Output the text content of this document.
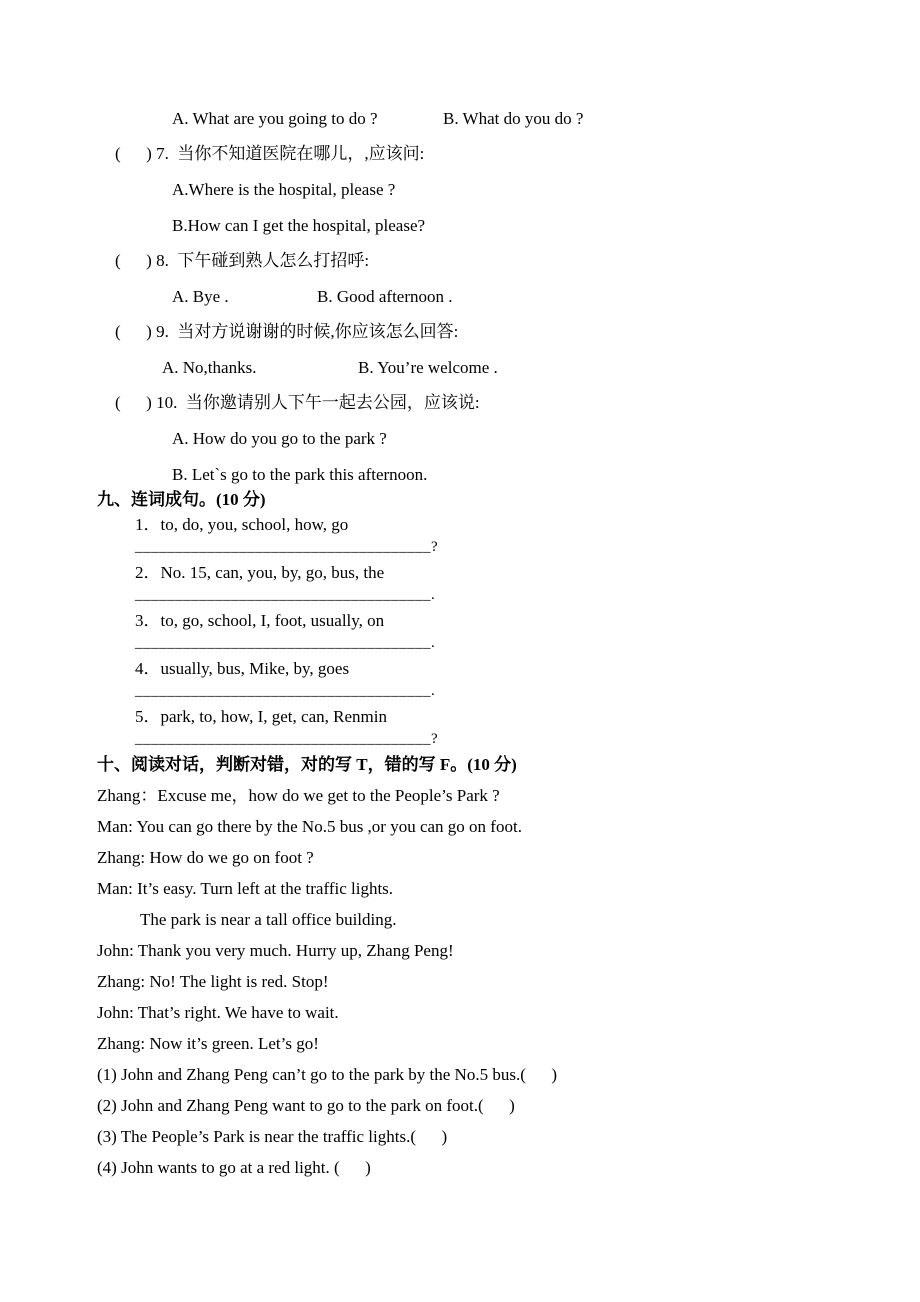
A. What are you going to do ?	B. What do you do ?
(      ) 7.  当你不知道医院在哪儿，,应该问:
A.Where is the hospital, please ?
B.How can I get the hospital, please?
(      ) 8.  下午碰到熟人怎么打招呼:
A. Bye .	B. Good afternoon .
(      ) 9.  当对方说谢谢的时候,你应该怎么回答:
A. No,thanks.	B. You’re welcome .
(      ) 10.  当你邀请别人下午一起去公园，应该说:
A. How do you go to the park ?
B. Let`s go to the park this afternoon.
九、连词成句。(10 分)
1．to, do, you, school, how, go
_____________________________________?
2．No. 15, can, you, by, go, bus, the
_____________________________________.
3．to, go, school, I, foot, usually, on
_____________________________________.
4．usually, bus, Mike, by, goes
_____________________________________.
5．park, to, how, I, get, can, Renmin
_____________________________________?
十、阅读对话，判断对错，对的写 T，错的写 F。(10 分)
Zhang：Excuse me，how do we get to the People’s Park ?
Man: You can go there by the No.5 bus ,or you can go on foot.
Zhang: How do we go on foot ?
Man: It’s easy. Turn left at the traffic lights.
The park is near a tall office building.
John: Thank you very much. Hurry up, Zhang Peng!
Zhang: No! The light is red. Stop!
John: That’s right. We have to wait.
Zhang: Now it’s green. Let’s go!
(1) John and Zhang Peng can’t go to the park by the No.5 bus.(      )
(2) John and Zhang Peng want to go to the park on foot.(      )
(3) The People’s Park is near the traffic lights.(      )
(4) John wants to go at a red light. (      )
